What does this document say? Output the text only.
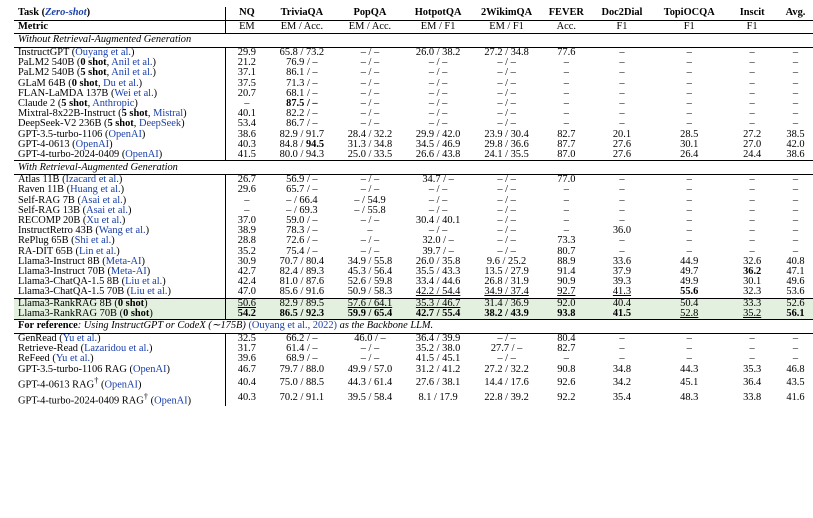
Task (Zero-shot)	NQ	TriviaQA	PopQA	HotpotQA	2WikimQA	FEVER	Doc2Dial	TopiOCQA	Inscit	Avg.
Metric	EM	EM / Acc.	EM / Acc.	EM / F1	EM / F1	Acc.	F1	F1	F1	
Without Retrieval-Augmented Generation										
InstructGPT (Ouyang et al.)	29.9	65.8 / 73.2	– / –	26.0 / 38.2	27.2 / 34.8	77.6	–	–	–	–
PaLM2 540B (0 shot, Anil et al.)	21.2	76.9 / –	– / –	– / –	– / –	–	–	–	–	–
PaLM2 540B (5 shot, Anil et al.)	37.1	86.1 / –	– / –	– / –	– / –	–	–	–	–	–
GLaM 64B (0 shot, Du et al.)	37.5	71.3 / –	– / –	– / –	– / –	–	–	–	–	–
FLAN-LaMDA 137B (Wei et al.)	20.7	68.1 / –	– / –	– / –	– / –	–	–	–	–	–
Claude 2 (5 shot, Anthropic)	–	87.5 / –	– / –	– / –	– / –	–	–	–	–	–
Mixtral-8x22B-Instruct (5 shot, Mistral)	40.1	82.2 / –	– / –	– / –	– / –	–	–	–	–	–
DeepSeek-V2 236B (5 shot, DeepSeek)	53.4	86.7 / –	– / –	– / –	– / –	–	–	–	–	–
GPT-3.5-turbo-1106 (OpenAI)	38.6	82.9 / 91.7	28.4 / 32.2	29.9 / 42.0	23.9 / 30.4	82.7	20.1	28.5	27.2	38.5
GPT-4-0613 (OpenAI)	40.3	84.8 / 94.5	31.3 / 34.8	34.5 / 46.9	29.8 / 36.6	87.7	27.6	30.1	27.0	42.0
GPT-4-turbo-2024-0409 (OpenAI)	41.5	80.0 / 94.3	25.0 / 33.5	26.6 / 43.8	24.1 / 35.5	87.0	27.6	26.4	24.4	38.6
With Retrieval-Augmented Generation										
Atlas 11B (Izacard et al.)	26.7	56.9 / –	– / –	34.7 / –	– / –	77.0	–	–	–	–
Raven 11B (Huang et al.)	29.6	65.7 / –	– / –	– / –	– / –	–	–	–	–	–
Self-RAG 7B (Asai et al.)	–	– / 66.4	– / 54.9	– / –	– / –	–	–	–	–	–
Self-RAG 13B (Asai et al.)	–	– / 69.3	– / 55.8	– / –	– / –	–	–	–	–	–
RECOMP 20B (Xu et al.)	37.0	59.0 / –	– / –	30.4 / 40.1	– / –	–	–	–	–	–
InstructRetro 43B (Wang et al.)	38.9	78.3 / –	–	– / –	– / –	–	36.0	–	–	–
RePlug 65B (Shi et al.)	28.8	72.6 / –	– / –	32.0 / –	– / –	73.3	–	–	–	–
RA-DIT 65B (Lin et al.)	35.2	75.4 / –	– / –	39.7 / –	– / –	80.7	–	–	–	–
Llama3-Instruct 8B (Meta-AI)	30.9	70.7 / 80.4	34.9 / 55.8	26.0 / 35.8	9.6 / 25.2	88.9	33.6	44.9	32.6	40.8
Llama3-Instruct 70B (Meta-AI)	42.7	82.4 / 89.3	45.3 / 56.4	35.5 / 43.3	13.5 / 27.9	91.4	37.9	49.7	36.2	47.1
Llama3-ChatQA-1.5 8B (Liu et al.)	42.4	81.0 / 87.6	52.6 / 59.8	33.4 / 44.6	26.8 / 31.9	90.9	39.3	49.9	30.1	49.6
Llama3-ChatQA-1.5 70B (Liu et al.)	47.0	85.6 / 91.6	50.9 / 58.3	42.2 / 54.4	34.9 / 37.4	92.7	41.3	55.6	32.3	53.6
Llama3-RankRAG 8B (0 shot)	50.6	82.9 / 89.5	57.6 / 64.1	35.3 / 46.7	31.4 / 36.9	92.0	40.4	50.4	33.3	52.6
Llama3-RankRAG 70B (0 shot)	54.2	86.5 / 92.3	59.9 / 65.4	42.7 / 55.4	38.2 / 43.9	93.8	41.5	52.8	35.2	56.1
For reference: Using InstructGPT or CodeX (∼175B) (Ouyang et al., 2022) as the Backbone LLM.										
GenRead (Yu et al.)	32.5	66.2 / –	46.0 / –	36.4 / 39.9	– / –	80.4	–	–	–	–
Retrieve-Read (Lazaridou et al.)	31.7	61.4 / –	– / –	35.2 / 38.0	27.7 / –	82.7	–	–	–	–
ReFeed (Yu et al.)	39.6	68.9 / –	– / –	41.5 / 45.1	– / –	–	–	–	–	–
GPT-3.5-turbo-1106 RAG (OpenAI)	46.7	79.7 / 88.0	49.9 / 57.0	31.2 / 41.2	27.2 / 32.2	90.8	34.8	44.3	35.3	46.8
GPT-4-0613 RAG† (OpenAI)	40.4	75.0 / 88.5	44.3 / 61.4	27.6 / 38.1	14.4 / 17.6	92.6	34.2	45.1	36.4	43.5
GPT-4-turbo-2024-0409 RAG† (OpenAI)	40.3	70.2 / 91.1	39.5 / 58.4	8.1 / 17.9	22.8 / 39.2	92.2	35.4	48.3	33.8	41.6
